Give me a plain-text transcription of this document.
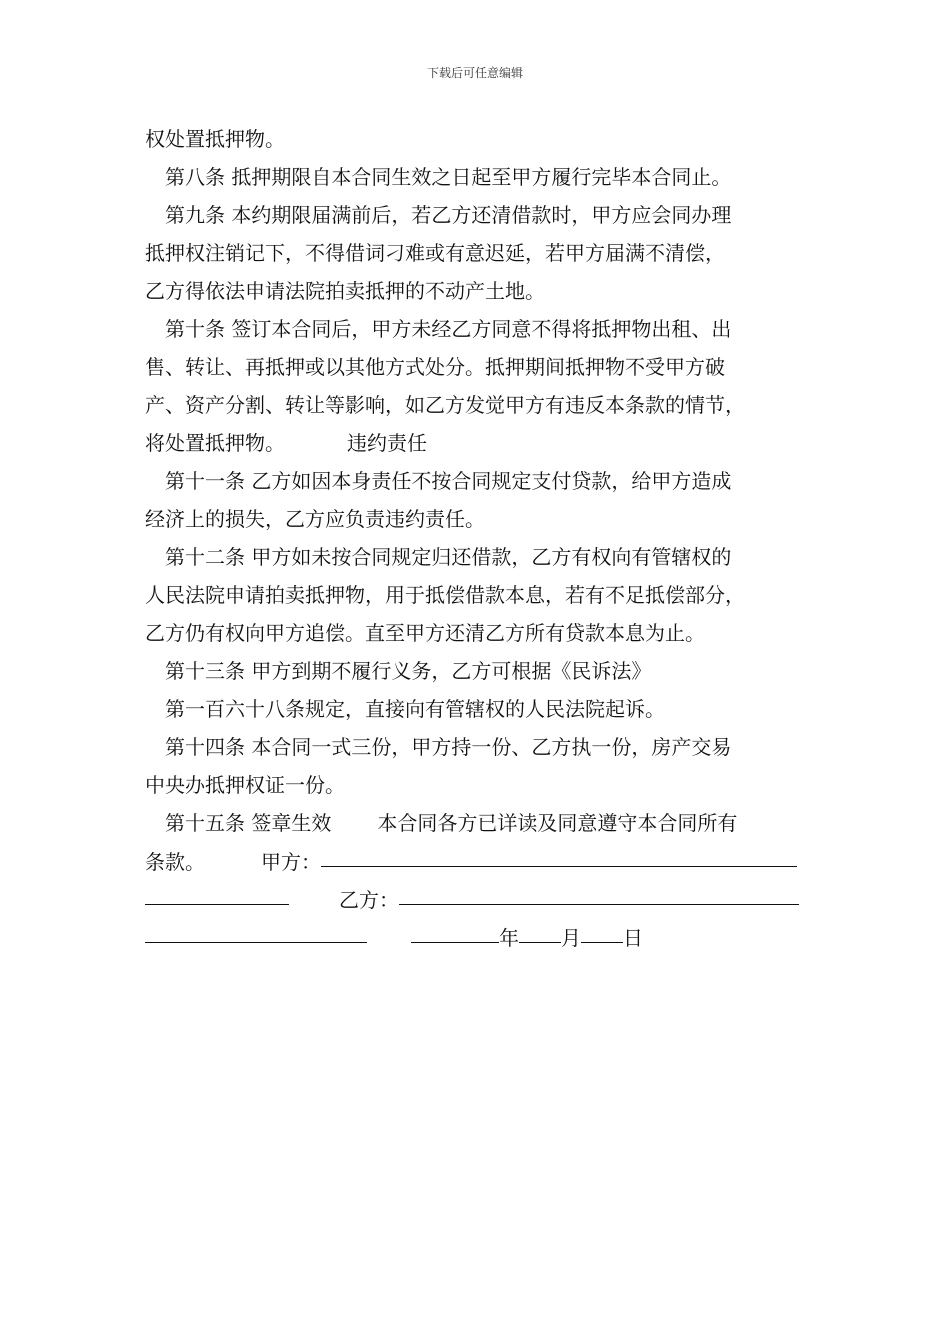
下载后可任意编辑
权处置抵押物。
第八条 抵押期限自本合同生效之日起至甲方履行完毕本合同止。
第九条 本约期限届满前后，若乙方还清借款时，甲方应会同办理
抵押权注销记下，不得借词刁难或有意迟延，若甲方届满不清偿，
乙方得依法申请法院拍卖抵押的不动产土地。
第十条 签订本合同后，甲方未经乙方同意不得将抵押物出租、出
售、转让、再抵押或以其他方式处分。抵押期间抵押物不受甲方破
产、资产分割、转让等影响，如乙方发觉甲方有违反本条款的情节，
将处置抵押物。	违约责任
第十一条 乙方如因本身责任不按合同规定支付贷款，给甲方造成
经济上的损失，乙方应负责违约责任。
第十二条 甲方如未按合同规定归还借款，乙方有权向有管辖权的
人民法院申请拍卖抵押物，用于抵偿借款本息，若有不足抵偿部分，
乙方仍有权向甲方追偿。直至甲方还清乙方所有贷款本息为止。
第十三条 甲方到期不履行义务，乙方可根据《民诉法》
第一百六十八条规定，直接向有管辖权的人民法院起诉。
第十四条 本合同一式三份，甲方持一份、乙方执一份，房产交易
中央办抵押权证一份。
第十五条 签章生效 本合同各方已详读及同意遵守本合同所有
条款。	甲方：
乙方：
年 月 日
